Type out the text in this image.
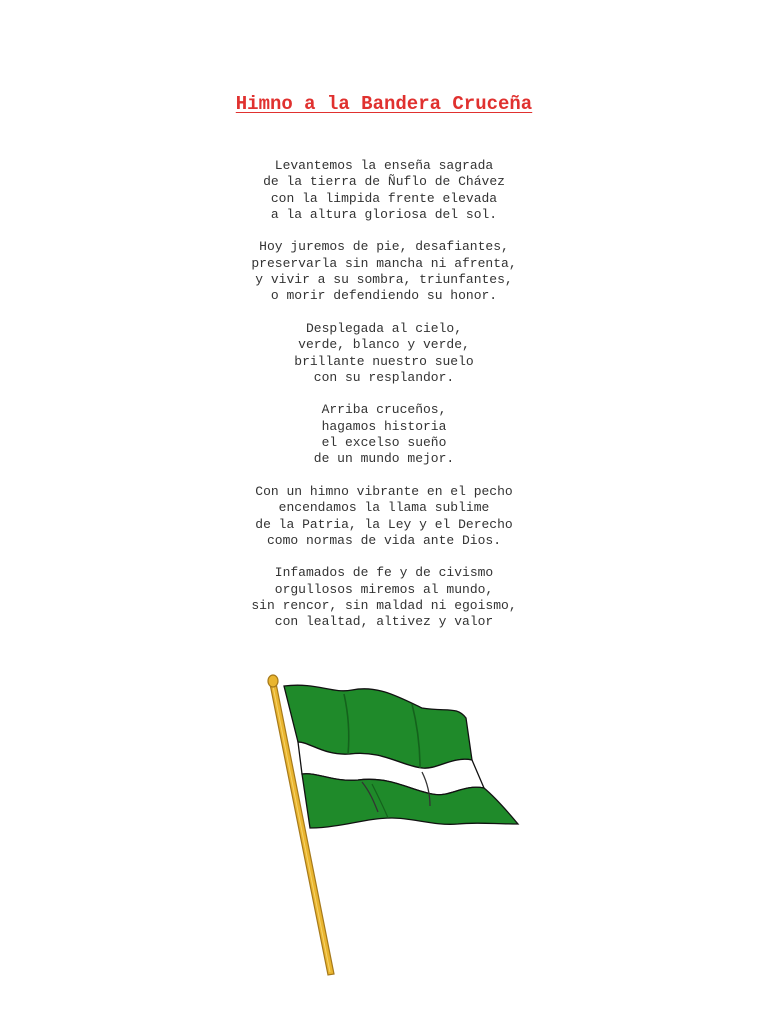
Himno a la Bandera Cruceña

Levantemos la enseña sagrada
de la tierra de Ñuflo de Chávez
con la limpida frente elevada
a la altura gloriosa del sol.

Hoy juremos de pie, desafiantes,
preservarla sin mancha ni afrenta,
y vivir a su sombra, triunfantes,
o morir defendiendo su honor.

Desplegada al cielo,
verde, blanco y verde,
brillante nuestro suelo
con su resplandor.

Arriba cruceños,
hagamos historia
el excelso sueño
de un mundo mejor.

Con un himno vibrante en el pecho
encendamos la llama sublime
de la Patria, la Ley y el Derecho
como normas de vida ante Dios.

Infamados de fe y de civismo
orgullosos miremos al mundo,
sin rencor, sin maldad ni egoismo,
con lealtad, altivez y valor
